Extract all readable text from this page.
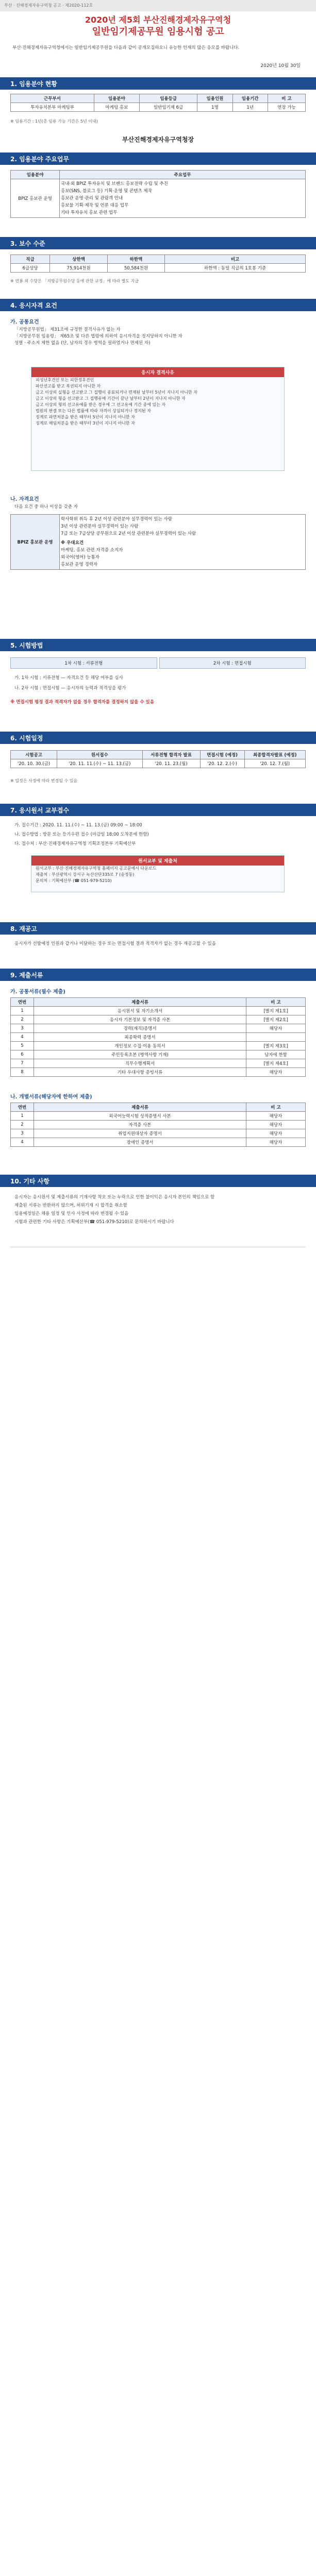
부산 · 진해경제자유구역청 공고 · 제2020-112호
2020년 제5회 부산진해경제자유구역청
일반임기제공무원 임용시험 공고
부산·진해경제자유구역청에서는 일반임기제공무원을 다음과 같이 공개모집하오니 유능한 인재의 많은 응모를 바랍니다.
2020년 10월 30일
1. 임용분야 현황
근무부서	임용분야	임용등급	임용인원	임용기간	비 고
투자유치본부 마케팅부	마케팅 홍보	일반임기제 6급	1명	1년	연장 가능
※ 임용기간 : 1년(총 임용 가능 기간은 5년 이내)
부산진해경제자유구역청장
2. 임용분야 주요업무
임용분야	주요업무
BPIZ 홍보관 운영	국내·외 BPIZ 투자유치 및 브랜드 홍보전략 수립 및 추진
홍보(SNS, 블로그 등) 기획·운영 및 콘텐츠 제작
홍보관 운영·관리 및 관람객 안내
홍보물 기획·제작 및 언론 대응 업무
기타 투자유치 홍보 관련 업무
3. 보수 수준
직급	상한액	하한액	비고
6급상당	75,914천원	50,584천원	하한액 : 동일 직급의 1호봉 기준
※ 연봉 외 수당은 「지방공무원수당 등에 관한 규정」에 따라 별도 지급
4. 응시자격 요건
가. 공통요건
「지방공무원법」 제31조에 규정한 결격사유가 없는 자
「지방공무원 임용령」 제65조 및 다른 법령에 의하여 응시자격을 정지당하지 아니한 자
성별 · 주소지 제한 없음 (단, 남자의 경우 병역을 필하였거나 면제된 자)
응시자 결격사유
피성년후견인 또는 피한정후견인
파산선고를 받고 복권되지 아니한 자
금고 이상의 실형을 선고받고 그 집행이 종료되거나 면제된 날부터 5년이 지나지 아니한 자
금고 이상의 형을 선고받고 그 집행유예 기간이 끝난 날부터 2년이 지나지 아니한 자
금고 이상의 형의 선고유예를 받은 경우에 그 선고유예 기간 중에 있는 자
법원의 판결 또는 다른 법률에 따라 자격이 상실되거나 정지된 자
징계로 파면처분을 받은 때부터 5년이 지나지 아니한 자
징계로 해임처분을 받은 때부터 3년이 지나지 아니한 자
나. 자격요건
다음 요건 중 하나 이상을 갖춘 자
BPIZ 홍보관 운영	
학사학위 취득 후 2년 이상 관련분야 실무경력이 있는 사람
3년 이상 관련분야 실무경력이 있는 사람
7급 또는 7급상당 공무원으로 2년 이상 관련분야 실무경력이 있는 사람
※ 우대요건
마케팅, 홍보 관련 자격증 소지자
외국어(영어) 능통자
홍보관 운영 경력자
5. 시험방법
1차 시험 : 서류전형	2차 시험 : 면접시험
가. 1차 시험 : 서류전형 — 자격요건 등 해당 여부를 심사
나. 2차 시험 : 면접시험 — 응시자의 능력과 적격성을 평가
※ 면접시험 평정 결과 적격자가 없을 경우 합격자를 결정하지 않을 수 있음
6. 시험일정
시험공고	원서접수	서류전형 합격자 발표	면접시험 (예정)	최종합격자발표 (예정)
'20. 10. 30.(금)	'20. 11. 11.(수) ~ 11. 13.(금)	'20. 11. 23.(월)	'20. 12. 2.(수)	'20. 12. 7.(월)
※ 일정은 사정에 따라 변경될 수 있음
7. 응시원서 교부접수
가. 접수기간 : 2020. 11. 11.(수) ~ 11. 13.(금) 09:00 ~ 18:00
나. 접수방법 : 방문 또는 등기우편 접수 (마감일 18:00 도착분에 한함)
다. 접수처 : 부산·진해경제자유구역청 기획조정본부 기획예산부
원서교부 및 제출처
원서교부 : 부산·진해경제자유구역청 홈페이지 공고문에서 다운로드
제출처 : 부산광역시 강서구 녹산산단335로 7 (송정동)
문의처 : 기획예산부 (☎ 051-979-5210)
8. 재공고
응시자가 선발예정 인원과 같거나 미달하는 경우 또는 면접시험 결과 적격자가 없는 경우 재공고할 수 있음
9. 제출서류
가. 공통서류(필수 제출)
연번	제출서류	비 고
1	응시원서 및 자기소개서	[별지 제1호]
2	응시자 기본정보 및 자격증 사본	[별지 제2호]
3	경력(재직)증명서	해당자
4	최종학력 증명서	
5	개인정보 수집·이용 동의서	[별지 제3호]
6	주민등록초본 (병역사항 기재)	남자에 한함
7	직무수행계획서	[별지 제4호]
8	기타 우대사항 증빙서류	해당자
나. 개별서류(해당자에 한하여 제출)
연번	제출서류	비 고
1	외국어능력시험 성적증명서 사본	해당자
2	자격증 사본	해당자
3	취업지원대상자 증명서	해당자
4	장애인 증명서	해당자
10. 기타 사항
응시자는 응시원서 및 제출서류의 기재사항 착오 또는 누락으로 인한 불이익은 응시자 본인의 책임으로 함
제출된 서류는 반환하지 않으며, 허위기재 시 합격을 취소함
임용예정일은 채용 일정 및 인사 사정에 따라 변경될 수 있음
시험과 관련한 기타 사항은 기획예산부(☎ 051-979-5210)로 문의하시기 바랍니다
